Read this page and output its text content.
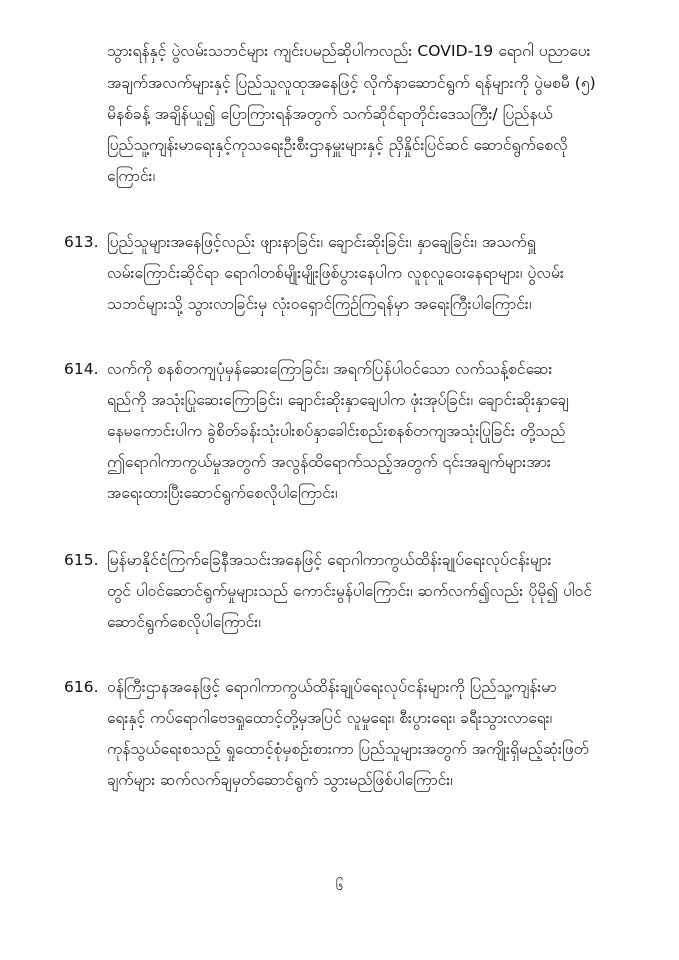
သွားရန်နှင့် ပွဲလမ်းသဘင်များ ကျင်းပမည်ဆိုပါကလည်း COVID-19 ရောဂါ ပညာပေး
အချက်အလက်များနှင့် ပြည်သူလူထုအနေဖြင့် လိုက်နာဆောင်ရွက် ရန်များကို ပွဲမစမီ (၅)
မိနစ်ခန့် အချိန်ယူ၍ ပြောကြားရန်အတွက် သက်ဆိုင်ရာတိုင်းဒေသကြီး/ ပြည်နယ်
ပြည်သူ့ကျန်းမာရေးနှင့်ကုသရေးဦးစီးဌာနမှူးများနှင့် ညှိနှိုင်းပြင်ဆင် ဆောင်ရွက်စေလို
ကြောင်း၊
613. ပြည်သူများအနေဖြင့်လည်း ဖျားနာခြင်း၊ ချောင်းဆိုးခြင်း၊ နှာချေခြင်း၊ အသက်ရှူ
လမ်းကြောင်းဆိုင်ရာ ရောဂါတစ်မျိုးမျိုးဖြစ်ပွားနေပါက လူစုလူဝေးနေရာများ၊ ပွဲလမ်း
သဘင်များသို့ သွားလာခြင်းမှ လုံးဝရှောင်ကြဉ်ကြရန်မှာ အရေးကြီးပါကြောင်း၊
614. လက်ကို စနစ်တကျပုံမှန်ဆေးကြောခြင်း၊ အရက်ပြန်ပါဝင်သော လက်သန့်စင်ဆေး
ရည်ကို အသုံးပြုဆေးကြောခြင်း၊ ချောင်းဆိုးနှာချေပါက ဖုံးအုပ်ခြင်း၊ ချောင်းဆိုးနှာချေ
နေမကောင်းပါက ခွဲစိတ်ခန်းသုံးပါးစပ်နှာခေါင်းစည်းစနစ်တကျအသုံးပြုခြင်း တို့သည်
ဤရောဂါကာကွယ်မှုအတွက် အလွန်ထိရောက်သည့်အတွက် ၎င်းအချက်များအား
အရေးထားပြီးဆောင်ရွက်စေလိုပါကြောင်း၊
615. မြန်မာနိုင်ငံကြက်ခြေနီအသင်းအနေဖြင့် ရောဂါကာကွယ်ထိန်းချုပ်ရေးလုပ်ငန်းများ
တွင် ပါဝင်ဆောင်ရွက်မှုများသည် ကောင်းမွန်ပါကြောင်း၊ ဆက်လက်၍လည်း ပိုမို၍ ပါဝင်
ဆောင်ရွက်စေလိုပါကြောင်း၊
616. ဝန်ကြီးဌာနအနေဖြင့် ရောဂါကာကွယ်ထိန်းချုပ်ရေးလုပ်ငန်းများကို ပြည်သူ့ကျန်းမာ
ရေးနှင့် ကပ်ရောဂါဗေဒရှုထောင့်တို့မှအပြင် လူမှုရေး၊ စီးပွားရေး၊ ခရီးသွားလာရေး၊
ကုန်သွယ်ရေးစသည့် ရှုထောင့်စုံမှစဉ်းစားကာ ပြည်သူများအတွက် အကျိုးရှိမည့်ဆုံးဖြတ်
ချက်များ ဆက်လက်ချမှတ်ဆောင်ရွက် သွားမည်ဖြစ်ပါကြောင်း၊
၆
